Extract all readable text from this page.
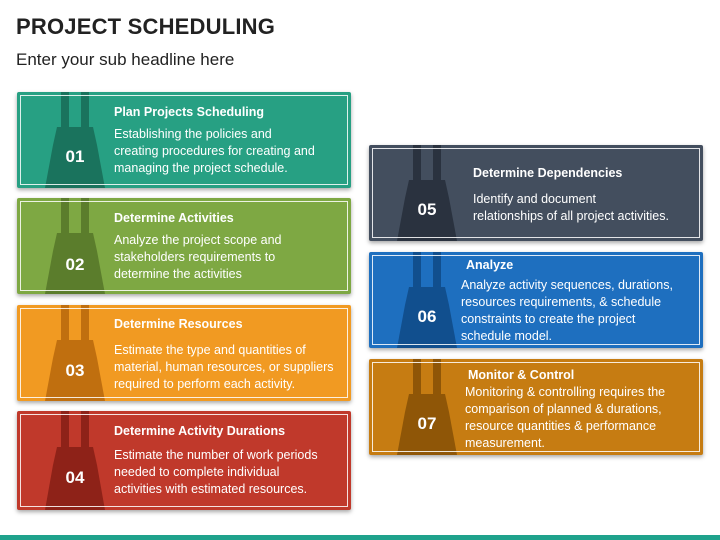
PROJECT SCHEDULING
Enter your sub headline here
01
Plan Projects Scheduling
Establishing the policies and
creating procedures for creating and
managing the project schedule.
02
Determine Activities
Analyze the project scope and
stakeholders requirements to
determine the activities
03
Determine Resources
Estimate the type and quantities of
material, human resources, or suppliers
required to perform each activity.
04
Determine Activity Durations
Estimate the number of work periods
needed to complete individual
activities with estimated resources.
05
Determine Dependencies
Identify and document
relationships of all project activities.
06
Analyze
Analyze activity sequences, durations,
resources requirements, & schedule
constraints to create the project
schedule model.
07
Monitor & Control
Monitoring & controlling requires the
comparison of planned & durations,
resource quantities & performance
measurement.
